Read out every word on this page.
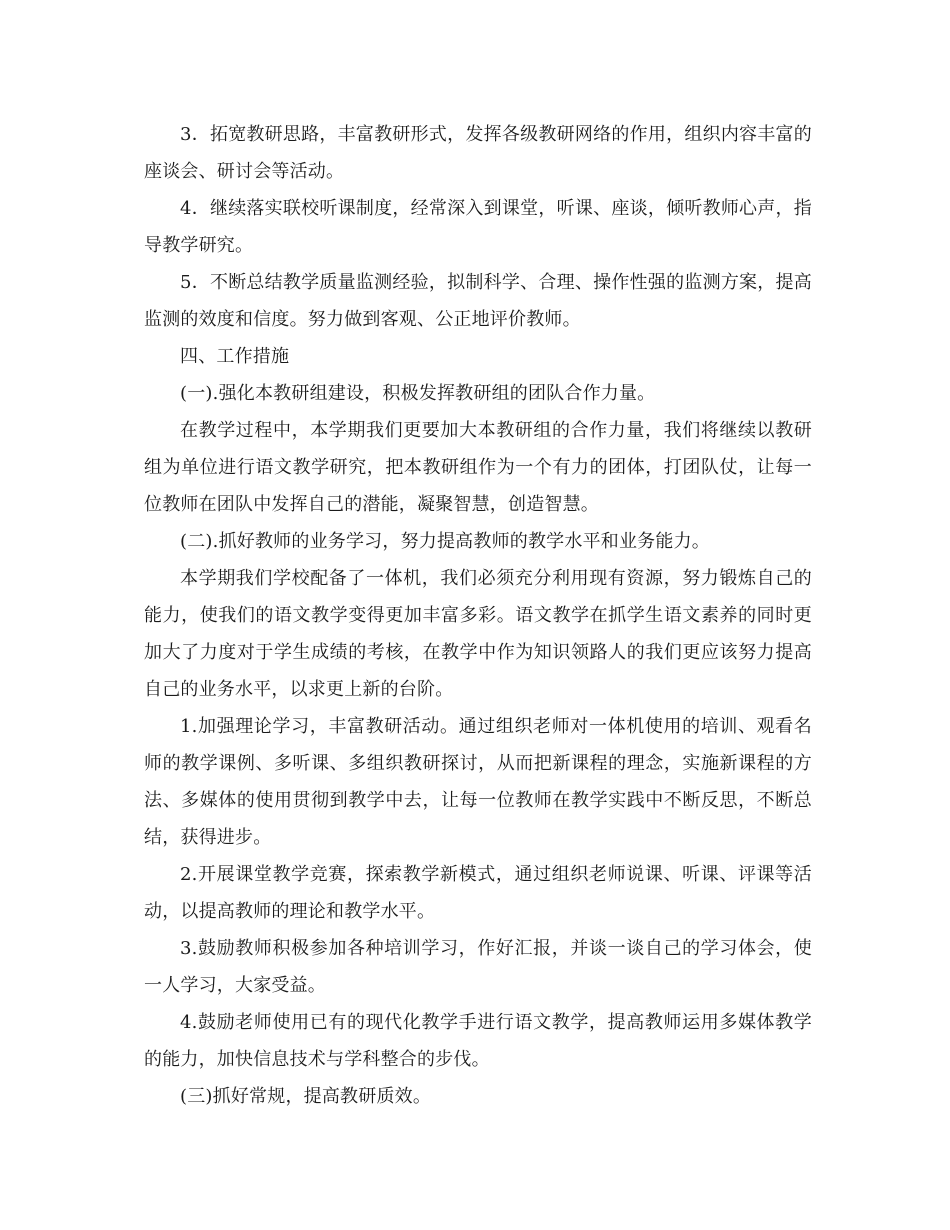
3．拓宽教研思路，丰富教研形式，发挥各级教研网络的作用，组织内容丰富的座谈会、研讨会等活动。

4．继续落实联校听课制度，经常深入到课堂，听课、座谈，倾听教师心声，指导教学研究。

5．不断总结教学质量监测经验，拟制科学、合理、操作性强的监测方案，提高监测的效度和信度。努力做到客观、公正地评价教师。

四、工作措施

(一).强化本教研组建设，积极发挥教研组的团队合作力量。

在教学过程中，本学期我们更要加大本教研组的合作力量，我们将继续以教研组为单位进行语文教学研究，把本教研组作为一个有力的团体，打团队仗，让每一位教师在团队中发挥自己的潜能，凝聚智慧，创造智慧。

(二).抓好教师的业务学习，努力提高教师的教学水平和业务能力。

本学期我们学校配备了一体机，我们必须充分利用现有资源，努力锻炼自己的能力，使我们的语文教学变得更加丰富多彩。语文教学在抓学生语文素养的同时更加大了力度对于学生成绩的考核，在教学中作为知识领路人的我们更应该努力提高自己的业务水平，以求更上新的台阶。

1.加强理论学习，丰富教研活动。通过组织老师对一体机使用的培训、观看名师的教学课例、多听课、多组织教研探讨，从而把新课程的理念，实施新课程的方法、多媒体的使用贯彻到教学中去，让每一位教师在教学实践中不断反思，不断总结，获得进步。

2.开展课堂教学竞赛，探索教学新模式，通过组织老师说课、听课、评课等活动，以提高教师的理论和教学水平。

3.鼓励教师积极参加各种培训学习，作好汇报，并谈一谈自己的学习体会，使一人学习，大家受益。

4.鼓励老师使用已有的现代化教学手进行语文教学，提高教师运用多媒体教学的能力，加快信息技术与学科整合的步伐。

(三)抓好常规，提高教研质效。
